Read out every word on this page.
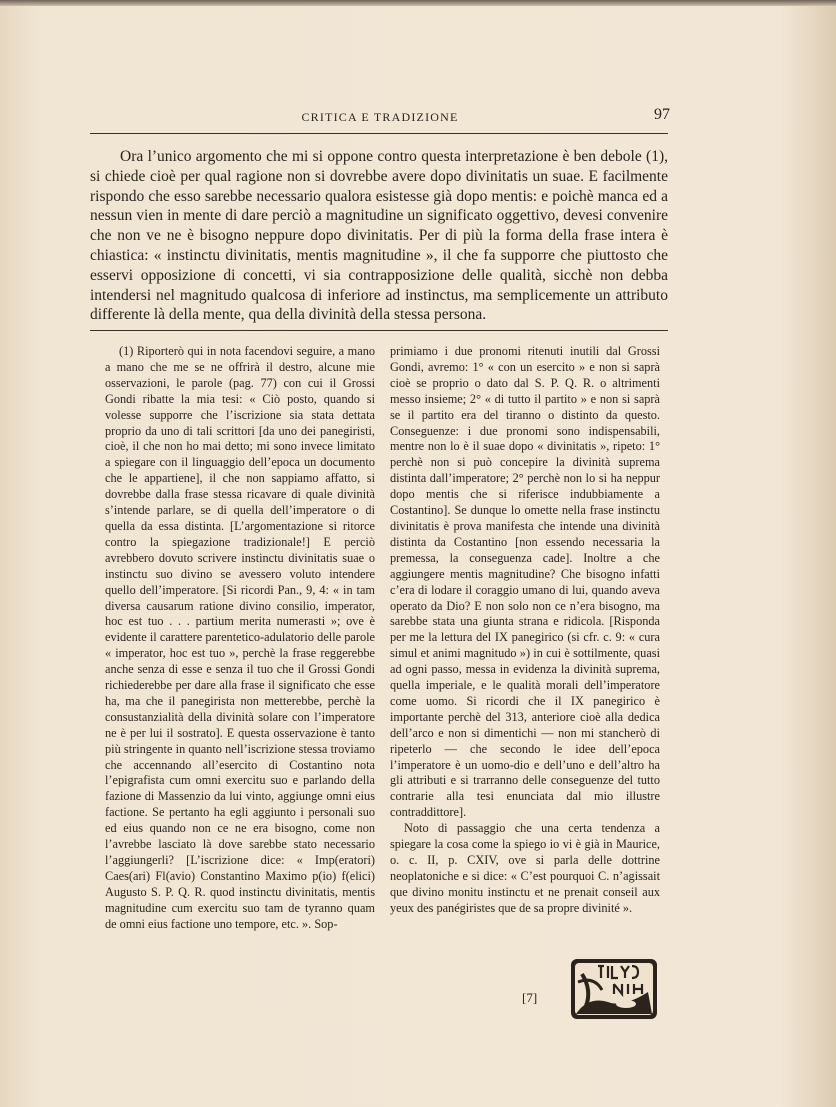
CRITICA E TRADIZIONE	97

Ora l’unico argomento che mi si oppone contro questa interpretazione è ben debole (1), si chiede cioè per qual ragione non si dovrebbe avere dopo divinitatis un suae. E facilmente rispondo che esso sarebbe necessario qualora esistesse già dopo mentis: e poichè manca ed a nessun vien in mente di dare perciò a magnitudine un significato oggettivo, devesi convenire che non ve ne è bisogno neppure dopo divinitatis. Per di più la forma della frase intera è chiastica: « instinctu divinitatis, mentis magnitudine », il che fa supporre che piuttosto che esservi opposizione di concetti, vi sia contrapposizione delle qualità, sicchè non debba intendersi nel magnitudo qualcosa di inferiore ad instinctus, ma semplicemente un attributo differente là della mente, qua della divinità della stessa persona.

(1) Riporterò qui in nota facendovi seguire, a mano a mano che me se ne offrirà il destro, alcune mie osservazioni, le parole (pag. 77) con cui il Grossi Gondi ribatte la mia tesi: « Ciò posto, quando si volesse supporre che l’iscrizione sia stata dettata proprio da uno di tali scrittori [da uno dei panegiristi, cioè, il che non ho mai detto; mi sono invece limitato a spiegare con il linguaggio dell’epoca un documento che le appartiene], il che non sappiamo affatto, si dovrebbe dalla frase stessa ricavare di quale divinità s’intende parlare, se di quella dell’imperatore o di quella da essa distinta. [L’argomentazione si ritorce contro la spiegazione tradizionale!] E perciò avrebbero dovuto scrivere instinctu divinitatis suae o instinctu suo divino se avessero voluto intendere quello dell’imperatore. [Si ricordi Pan., 9, 4: « in tam diversa causarum ratione divino consilio, imperator, hoc est tuo . . . partium merita numerasti »; ove è evidente il carattere parentetico-adulatorio delle parole « imperator, hoc est tuo », perchè la frase reggerebbe anche senza di esse e senza il tuo che il Grossi Gondi richiederebbe per dare alla frase il significato che esse ha, ma che il panegirista non metterebbe, perchè la consustanzialità della divinità solare con l’imperatore ne è per lui il sostrato]. E questa osservazione è tanto più stringente in quanto nell’iscrizione stessa troviamo che accennando all’esercito di Costantino nota l’epigrafista cum omni exercitu suo e parlando della fazione di Massenzio da lui vinto, aggiunge omni eius factione. Se pertanto ha egli aggiunto i personali suo ed eius quando non ce ne era bisogno, come non l’avrebbe lasciato là dove sarebbe stato necessario l’aggiungerli? [L’iscrizione dice: « Imp(eratori) Caes(ari) Fl(avio) Constantino Maximo p(io) f(elici) Augusto S. P. Q. R. quod instinctu divinitatis, mentis magnitudine cum exercitu suo tam de tyranno quam de omni eius factione uno tempore, etc. ». Sop-

primiamo i due pronomi ritenuti inutili dal Grossi Gondi, avremo: 1° « con un esercito » e non si saprà cioè se proprio o dato dal S. P. Q. R. o altrimenti messo insieme; 2° « di tutto il partito » e non si saprà se il partito era del tiranno o distinto da questo. Conseguenze: i due pronomi sono indispensabili, mentre non lo è il suae dopo « divinitatis », ripeto: 1° perchè non si può concepire la divinità suprema distinta dall’imperatore; 2° perchè non lo si ha neppur dopo mentis che si riferisce indubbiamente a Costantino]. Se dunque lo omette nella frase instinctu divinitatis è prova manifesta che intende una divinità distinta da Costantino [non essendo necessaria la premessa, la conseguenza cade]. Inoltre a che aggiungere mentis magnitudine? Che bisogno infatti c’era di lodare il coraggio umano di lui, quando aveva operato da Dio? E non solo non ce n’era bisogno, ma sarebbe stata una giunta strana e ridicola. [Risponda per me la lettura del IX panegirico (si cfr. c. 9: « cura simul et animi magnitudo ») in cui è sottilmente, quasi ad ogni passo, messa in evidenza la divinità suprema, quella imperiale, e le qualità morali dell’imperatore come uomo. Si ricordi che il IX panegirico è importante perchè del 313, anteriore cioè alla dedica dell’arco e non si dimentichi — non mi stancherò di ripeterlo — che secondo le idee dell’epoca l’imperatore è un uomo-dio e dell’uno e dell’altro ha gli attributi e si trarranno delle conseguenze del tutto contrarie alla tesi enunciata dal mio illustre contraddittore].

Noto di passaggio che una certa tendenza a spiegare la cosa come la spiego io vi è già in Maurice, o. c. II, p. CXIV, ove si parla delle dottrine neoplatoniche e si dice: « C’est pourquoi C. n’agissait que divino monitu instinctu et ne prenait conseil aux yeux des panégiristes que de sa propre divinité ».

[7]
